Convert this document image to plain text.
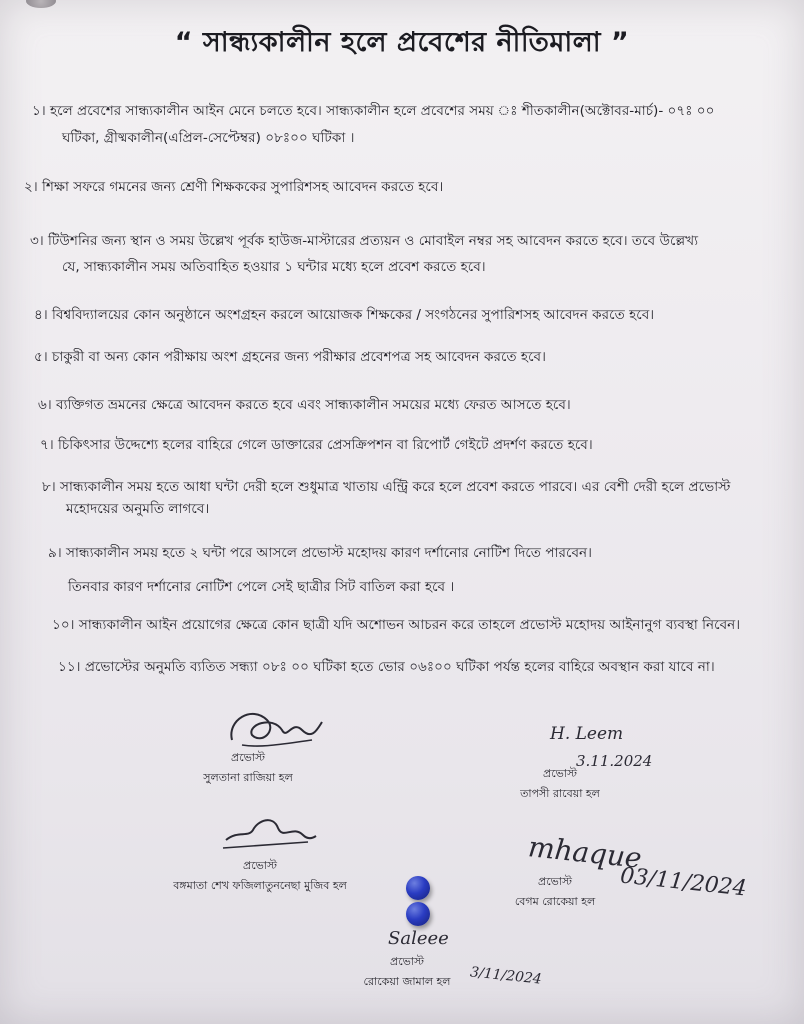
“ সান্ধ্যকালীন হলে প্রবেশের নীতিমালা ”
১। হলে প্রবেশের সান্ধ্যকালীন আইন মেনে চলতে হবে। সান্ধ্যকালীন হলে প্রবেশের সময় ঃ শীতকালীন(অক্টোবর-মার্চ)- ০৭ঃ ০০
ঘটিকা, গ্রীষ্মকালীন(এপ্রিল-সেপ্টেম্বর) ০৮ঃ০০ ঘটিকা ।
২। শিক্ষা সফরে গমনের জন্য শ্রেণী শিক্ষককের সুপারিশসহ আবেদন করতে হবে।
৩। টিউশনির জন্য স্থান ও সময় উল্লেখ পূর্বক হাউজ-মাস্টারের প্রত্যয়ন ও মোবাইল নম্বর সহ আবেদন করতে হবে। তবে উল্লেখ্য
যে, সান্ধ্যকালীন সময় অতিবাহিত হওয়ার ১ ঘন্টার মধ্যে হলে প্রবেশ করতে হবে।
৪। বিশ্ববিদ্যালয়ের কোন অনুষ্ঠানে অংশগ্রহন করলে আয়োজক শিক্ষকের / সংগঠনের সুপারিশসহ আবেদন করতে হবে।
৫। চাকুরী বা অন্য কোন পরীক্ষায় অংশ গ্রহনের জন্য পরীক্ষার প্রবেশপত্র সহ আবেদন করতে হবে।
৬। ব্যক্তিগত ভ্রমনের ক্ষেত্রে আবেদন করতে হবে এবং সান্ধ্যকালীন সময়ের মধ্যে ফেরত আসতে হবে।
৭। চিকিৎসার উদ্দেশ্যে হলের বাহিরে গেলে ডাক্তারের প্রেসক্রিপশন বা রিপোর্ট গেইটে প্রদর্শণ করতে হবে।
৮। সান্ধ্যকালীন সময় হতে আধা ঘন্টা দেরী হলে শুধুমাত্র খাতায় এন্ট্রি করে হলে প্রবেশ করতে পারবে। এর বেশী দেরী হলে প্রভোস্ট
মহোদয়ের অনুমতি লাগবে।
৯। সান্ধ্যকালীন সময় হতে ২ ঘন্টা পরে আসলে প্রভোস্ট মহোদয় কারণ দর্শানোর নোটিশ দিতে পারবেন।
তিনবার কারণ দর্শানোর নোটিশ পেলে সেই ছাত্রীর সিট বাতিল করা হবে ।
১০। সান্ধ্যকালীন আইন প্রয়োগের ক্ষেত্রে কোন ছাত্রী যদি অশোভন আচরন করে তাহলে প্রভোস্ট মহোদয় আইনানুগ ব্যবস্থা নিবেন।
১১। প্রভোস্টের অনুমতি ব্যতিত সন্ধ্যা ০৮ঃ ০০ ঘটিকা হতে ভোর ০৬ঃ০০ ঘটিকা পর্যন্ত হলের বাহিরে অবস্থান করা যাবে না।
প্রভোস্ট
সুলতানা রাজিয়া হল
H. Leem
3.11.2024
প্রভোস্ট
তাপসী রাবেয়া হল
প্রভোস্ট
বঙ্গমাতা শেখ ফজিলাতুননেছা মুজিব হল
mhaque
03/11/2024
প্রভোস্ট
বেগম রোকেয়া হল
Saleee
3/11/2024
প্রভোস্ট
রোকেয়া জামাল হল
